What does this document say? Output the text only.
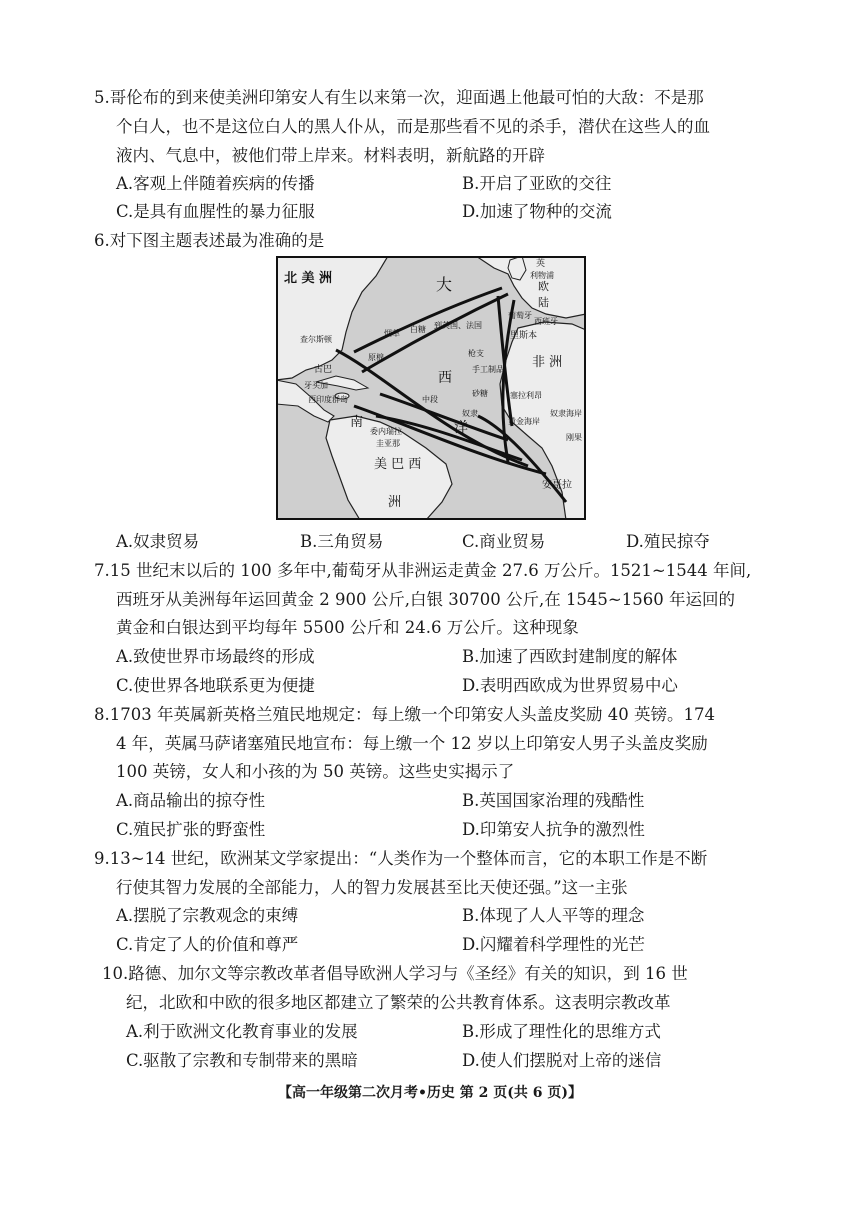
5.哥伦布的到来使美洲印第安人有生以来第一次，迎面遇上他最可怕的大敌：不是那
个白人，也不是这位白人的黑人仆从，而是那些看不见的杀手，潜伏在这些人的血
液内、气息中，被他们带上岸来。材料表明，新航路的开辟
A.客观上伴随着疾病的传播	B.开启了亚欧的交往
C.是具有血腥性的暴力征服	D.加速了物种的交流
6.对下图主题表述最为准确的是
北 美 洲	大
西
洋
南
美 巴 西
洲
非 洲
英
利物浦
欧
陆
葡萄牙
西班牙
里斯本
查尔斯顿
古巴
牙买加
西印度群岛
委内瑞拉
圭亚那
烟草 白糖 到英国、法国
原棉	枪支
手工制品
中段
砂糖
奴隶
塞拉利昂
黄金海岸
奴隶海岸
刚果
安哥拉
A.奴隶贸易	B.三角贸易	C.商业贸易	D.殖民掠夺
7.15 世纪末以后的 100 多年中,葡萄牙从非洲运走黄金 27.6 万公斤。1521~1544 年间,
西班牙从美洲每年运回黄金 2 900 公斤,白银 30700 公斤,在 1545~1560 年运回的
黄金和白银达到平均每年 5500 公斤和 24.6 万公斤。这种现象
A.致使世界市场最终的形成	B.加速了西欧封建制度的解体
C.使世界各地联系更为便捷	D.表明西欧成为世界贸易中心
8.1703 年英属新英格兰殖民地规定：每上缴一个印第安人头盖皮奖励 40 英镑。174
4 年，英属马萨诸塞殖民地宣布：每上缴一个 12 岁以上印第安人男子头盖皮奖励
100 英镑，女人和小孩的为 50 英镑。这些史实揭示了
A.商品输出的掠夺性	B.英国国家治理的残酷性
C.殖民扩张的野蛮性	D.印第安人抗争的激烈性
9.13~14 世纪，欧洲某文学家提出：“人类作为一个整体而言，它的本职工作是不断
行使其智力发展的全部能力，人的智力发展甚至比天使还强。”这一主张
A.摆脱了宗教观念的束缚	B.体现了人人平等的理念
C.肯定了人的价值和尊严	D.闪耀着科学理性的光芒
10.路德、加尔文等宗教改革者倡导欧洲人学习与《圣经》有关的知识，到 16 世
纪，北欧和中欧的很多地区都建立了繁荣的公共教育体系。这表明宗教改革
A.利于欧洲文化教育事业的发展	B.形成了理性化的思维方式
C.驱散了宗教和专制带来的黑暗	D.使人们摆脱对上帝的迷信
【高一年级第二次月考•历史 第 2 页(共 6 页)】
